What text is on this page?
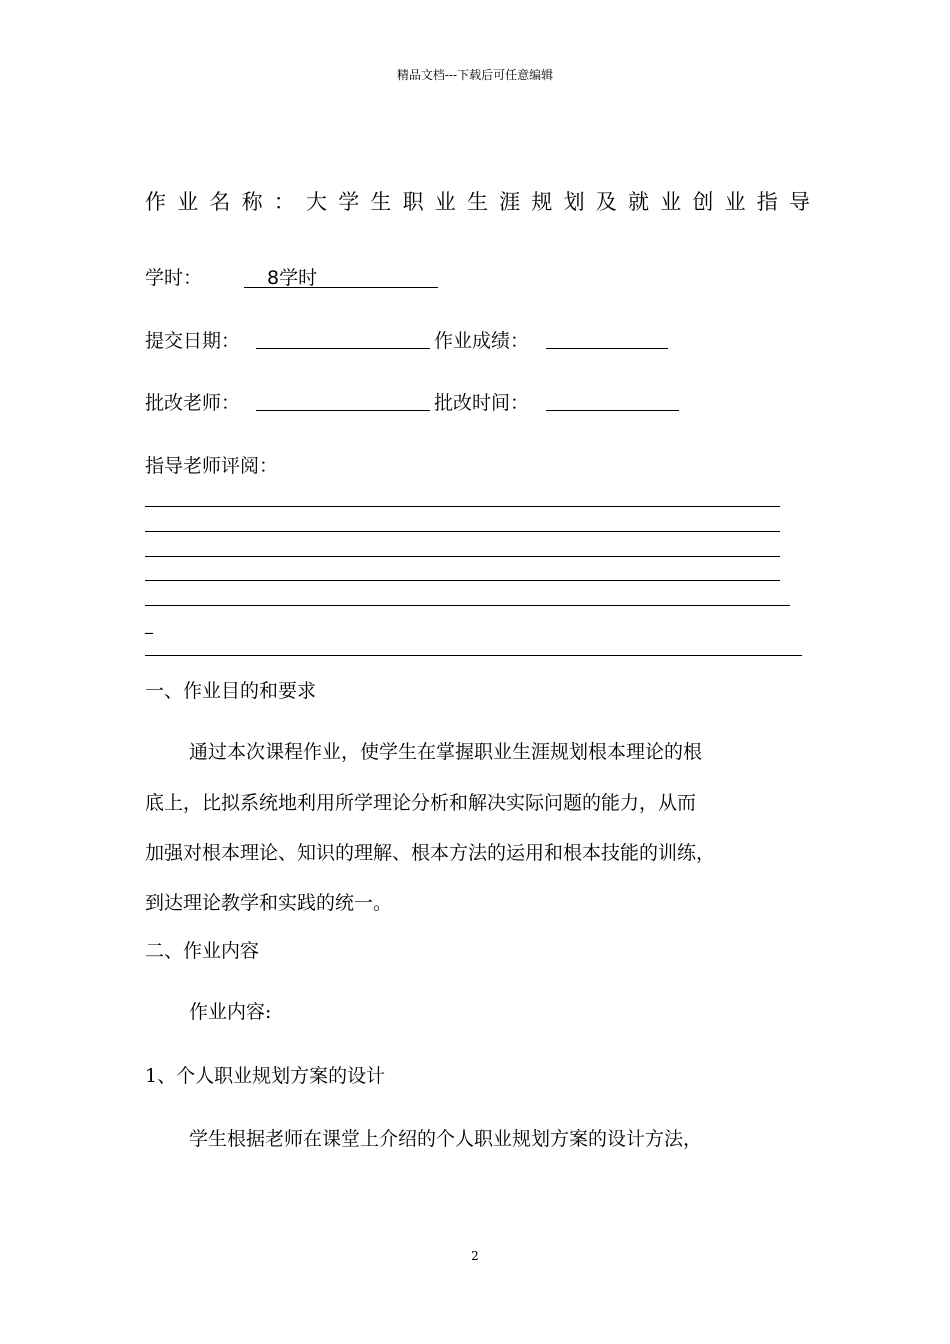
精品文档---下载后可任意编辑
作业名称：大学生职业生涯规划及就业创业指导
学时：	8学时
提交日期：	作业成绩：
批改老师：	批改时间：
指导老师评阅：
_
一、作业目的和要求
通过本次课程作业，使学生在掌握职业生涯规划根本理论的根
底上，比拟系统地利用所学理论分析和解决实际问题的能力，从而
加强对根本理论、知识的理解、根本方法的运用和根本技能的训练，
到达理论教学和实践的统一。
二、作业内容
作业内容:
1、个人职业规划方案的设计
学生根据老师在课堂上介绍的个人职业规划方案的设计方法，
2
